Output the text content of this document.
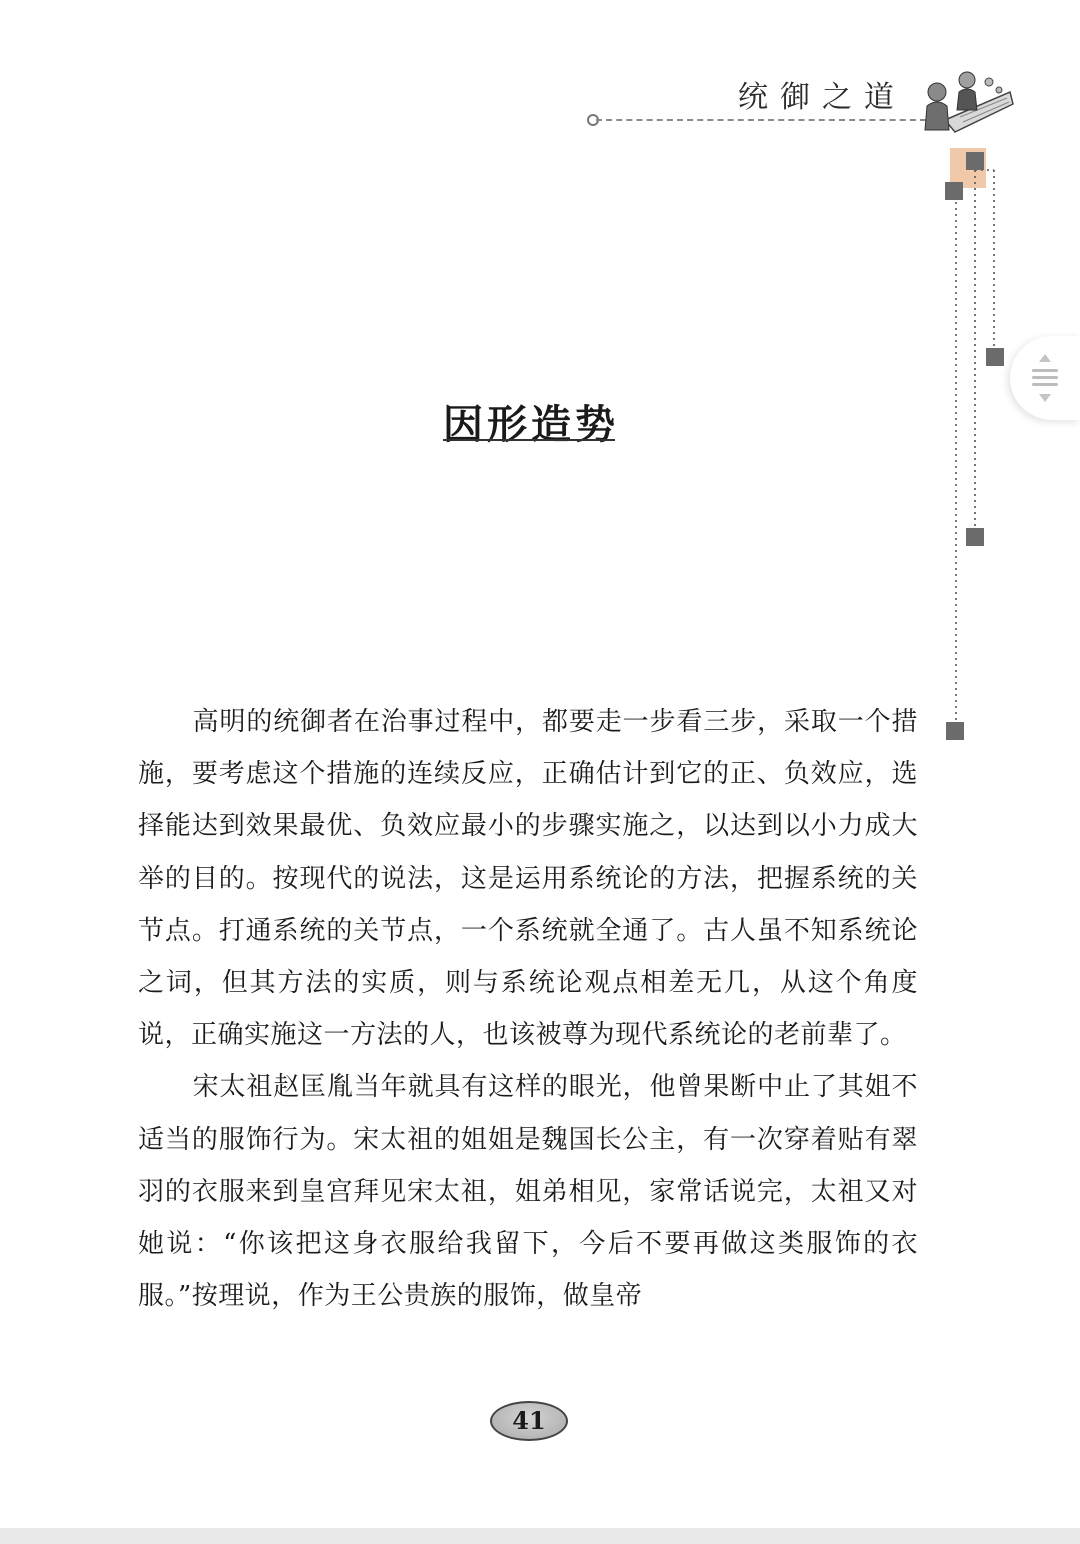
统御之道
因形造势

高明的统御者在治事过程中，都要走一步看三步，采取一个措施，要考虑这个措施的连续反应，正确估计到它的正、负效应，选择能达到效果最优、负效应最小的步骤实施之，以达到以小力成大举的目的。按现代的说法，这是运用系统论的方法，把握系统的关节点。打通系统的关节点，一个系统就全通了。古人虽不知系统论之词，但其方法的实质，则与系统论观点相差无几，从这个角度说，正确实施这一方法的人，也该被尊为现代系统论的老前辈了。

宋太祖赵匡胤当年就具有这样的眼光，他曾果断中止了其姐不适当的服饰行为。宋太祖的姐姐是魏国长公主，有一次穿着贴有翠羽的衣服来到皇宫拜见宋太祖，姐弟相见，家常话说完，太祖又对她说：“你该把这身衣服给我留下，今后不要再做这类服饰的衣服。”按理说，作为王公贵族的服饰，做皇帝

41
